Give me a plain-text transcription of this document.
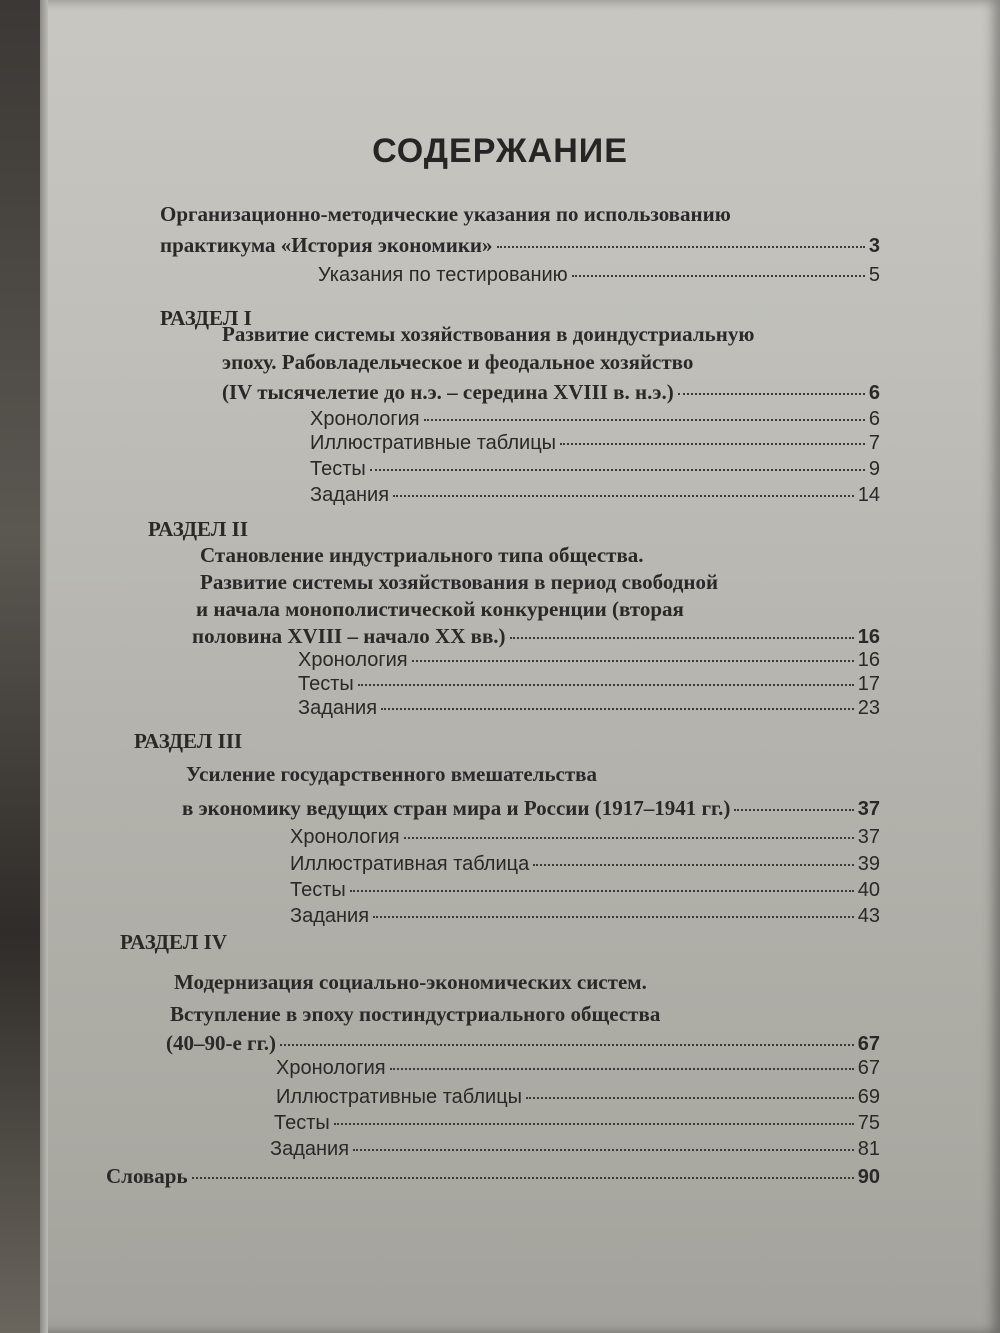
СОДЕРЖАНИЕ
Организационно-методические указания по использованию
практикума «История экономики»	3
Указания по тестированию	5
РАЗДЕЛ I
Развитие системы хозяйствования в доиндустриальную
эпоху. Рабовладельческое и феодальное хозяйство
(IV тысячелетие до н.э. – середина XVIII в. н.э.)	6
Хронология	6
Иллюстративные таблицы	7
Тесты	9
Задания	14
РАЗДЕЛ II
Становление индустриального типа общества.
Развитие системы хозяйствования в период свободной
и начала монополистической конкуренции (вторая
половина XVIII – начало XX вв.)	16
Хронология	16
Тесты	17
Задания	23
РАЗДЕЛ III
Усиление государственного вмешательства
в экономику ведущих стран мира и России (1917–1941 гг.)	37
Хронология	37
Иллюстративная таблица	39
Тесты	40
Задания	43
РАЗДЕЛ IV
Модернизация социально-экономических систем.
Вступление в эпоху постиндустриального общества
(40–90-е гг.)	67
Хронология	67
Иллюстративные таблицы	69
Тесты	75
Задания	81
Словарь	90
